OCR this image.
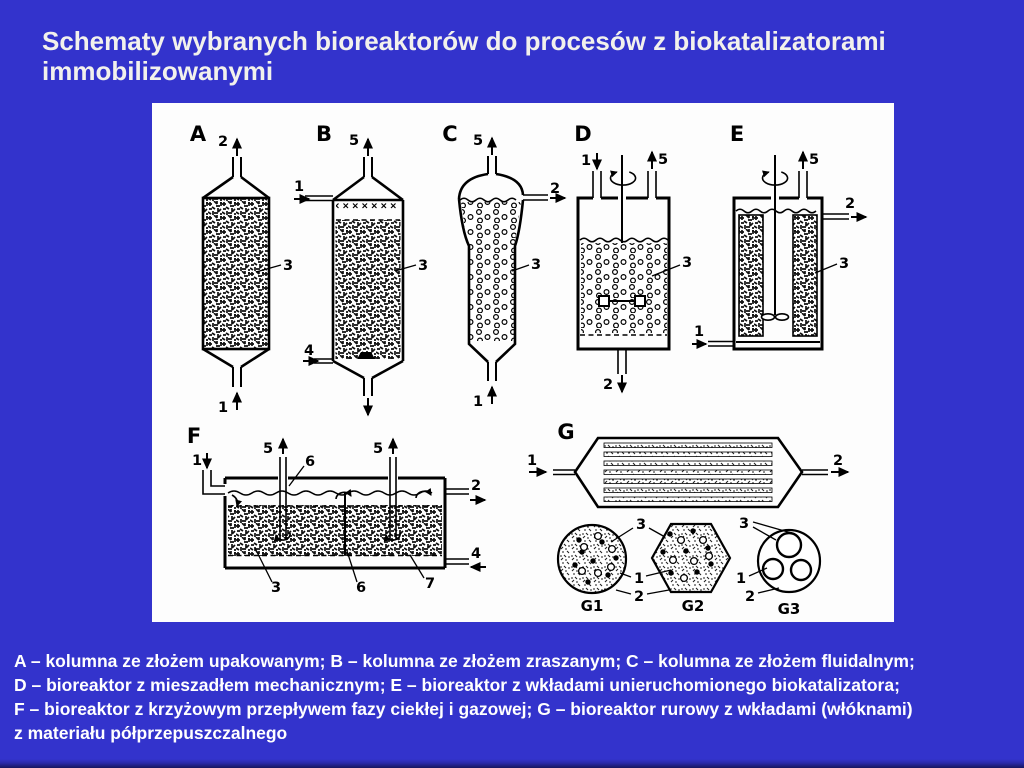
Schematy wybranych bioreaktorów do procesów z biokatalizatorami
immobilizowanymi
A 2
1
3
B 5
1
4
3
C 5
2
1
3
D
1	5
3
2
E
5
2
1
3
F
1
5	5
6
2
4
3	6	7
G
1	2
G1	G2
3
1
2
3
1
2
G3
A – kolumna ze złożem upakowanym; B – kolumna ze złożem zraszanym; C – kolumna ze złożem fluidalnym;
D – bioreaktor z mieszadłem mechanicznym; E – bioreaktor z wkładami unieruchomionego biokatalizatora;
F – bioreaktor z krzyżowym przepływem fazy ciekłej i gazowej; G – bioreaktor rurowy z wkładami (włóknami)
z materiału półprzepuszczalnego
